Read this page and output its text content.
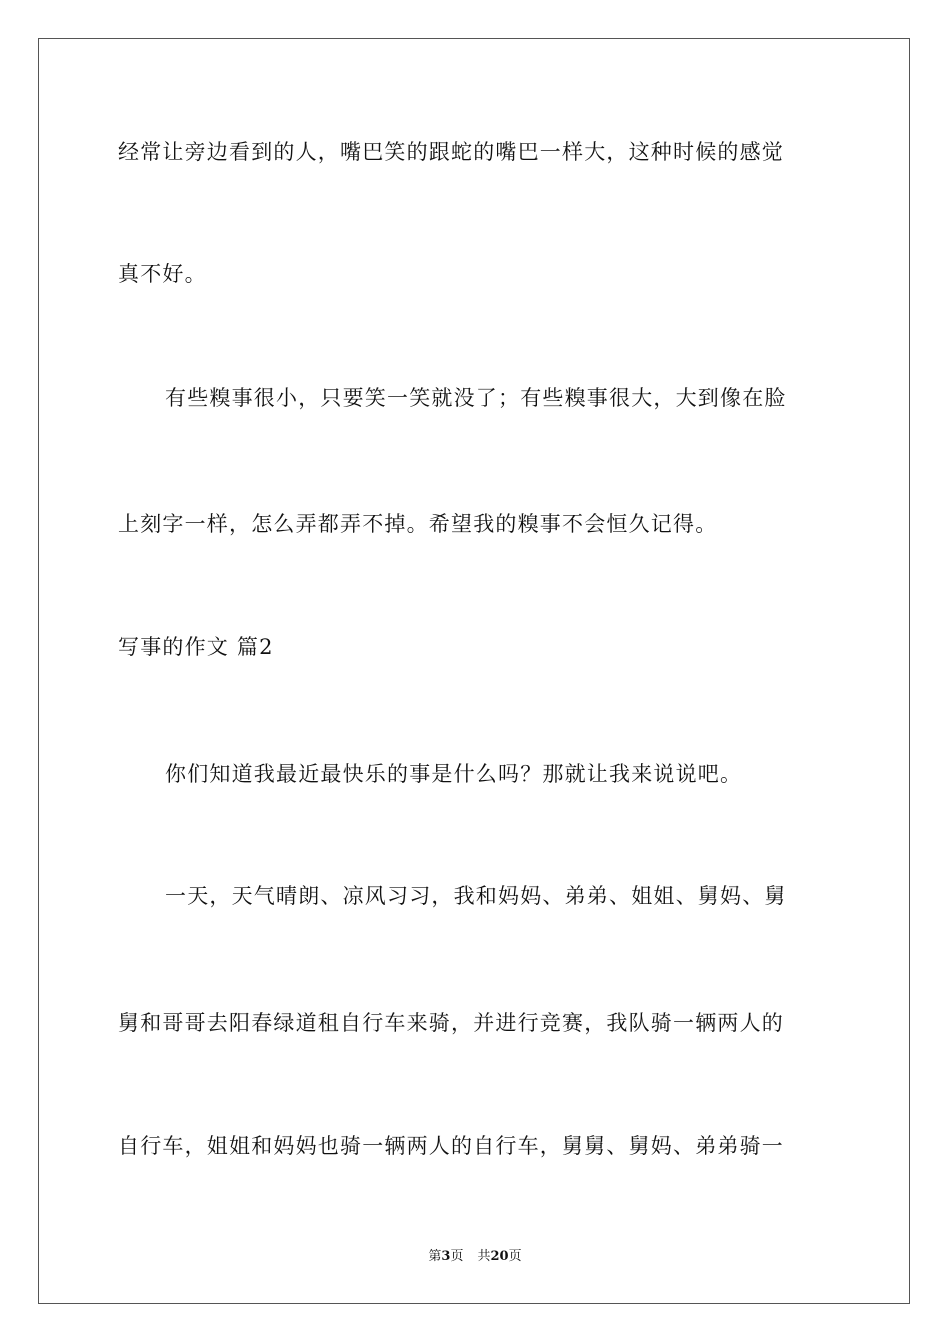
经常让旁边看到的人，嘴巴笑的跟蛇的嘴巴一样大，这种时候的感觉
真不好。
有些糗事很小，只要笑一笑就没了；有些糗事很大，大到像在脸
上刻字一样，怎么弄都弄不掉。希望我的糗事不会恒久记得。
写事的作文 篇2
你们知道我最近最快乐的事是什么吗？那就让我来说说吧。
一天，天气晴朗、凉风习习，我和妈妈、弟弟、姐姐、舅妈、舅
舅和哥哥去阳春绿道租自行车来骑，并进行竞赛，我队骑一辆两人的
自行车，姐姐和妈妈也骑一辆两人的自行车，舅舅、舅妈、弟弟骑一
第3页 共20页
